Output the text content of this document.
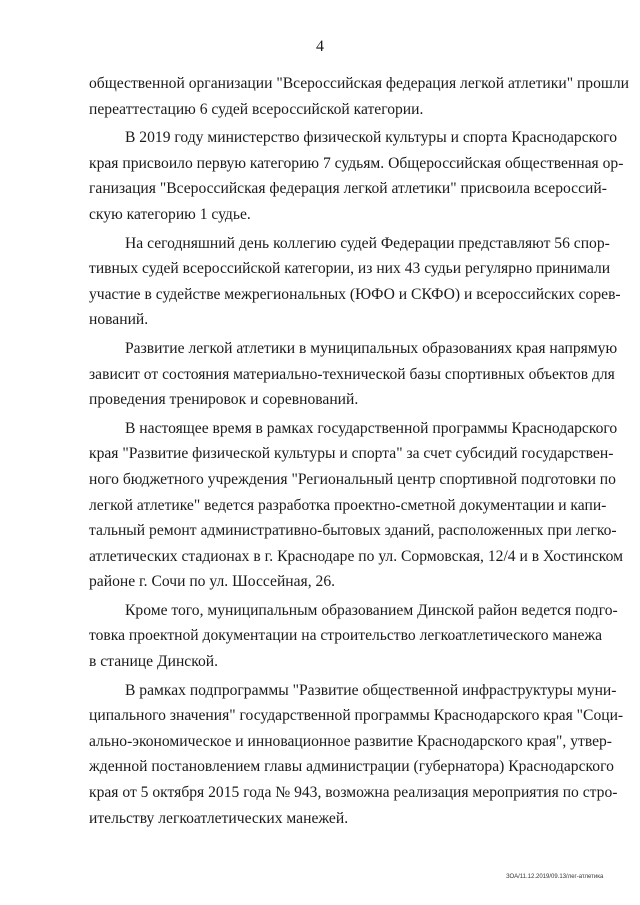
4
общественной организации "Всероссийская федерация легкой атлетики" прошли
переаттестацию 6 судей всероссийской категории.
В 2019 году министерство физической культуры и спорта Краснодарского
края присвоило первую категорию 7 судьям. Общероссийская общественная ор-
ганизация "Всероссийская федерация легкой атлетики" присвоила всероссий-
скую категорию 1 судье.
На сегодняшний день коллегию судей Федерации представляют 56 спор-
тивных судей всероссийской категории, из них 43 судьи регулярно принимали
участие в судействе межрегиональных (ЮФО и СКФО) и всероссийских сорев-
нований.
Развитие легкой атлетики в муниципальных образованиях края напрямую
зависит от состояния материально-технической базы спортивных объектов для
проведения тренировок и соревнований.
В настоящее время в рамках государственной программы Краснодарского
края "Развитие физической культуры и спорта" за счет субсидий государствен-
ного бюджетного учреждения "Региональный центр спортивной подготовки по
легкой атлетике" ведется разработка проектно-сметной документации и капи-
тальный ремонт административно-бытовых зданий, расположенных при легко-
атлетических стадионах в г. Краснодаре по ул. Сормовская, 12/4 и в Хостинском
районе г. Сочи по ул. Шоссейная, 26.
Кроме того, муниципальным образованием Динской район ведется подго-
товка проектной документации на строительство легкоатлетического манежа
в станице Динской.
В рамках подпрограммы "Развитие общественной инфраструктуры муни-
ципального значения" государственной программы Краснодарского края "Соци-
ально-экономическое и инновационное развитие Краснодарского края", утвер-
жденной постановлением главы администрации (губернатора) Краснодарского
края от 5 октября 2015 года № 943, возможна реализация мероприятия по стро-
ительству легкоатлетических манежей.
ЗОА/11.12.2019/09.13/лег-атлетика
